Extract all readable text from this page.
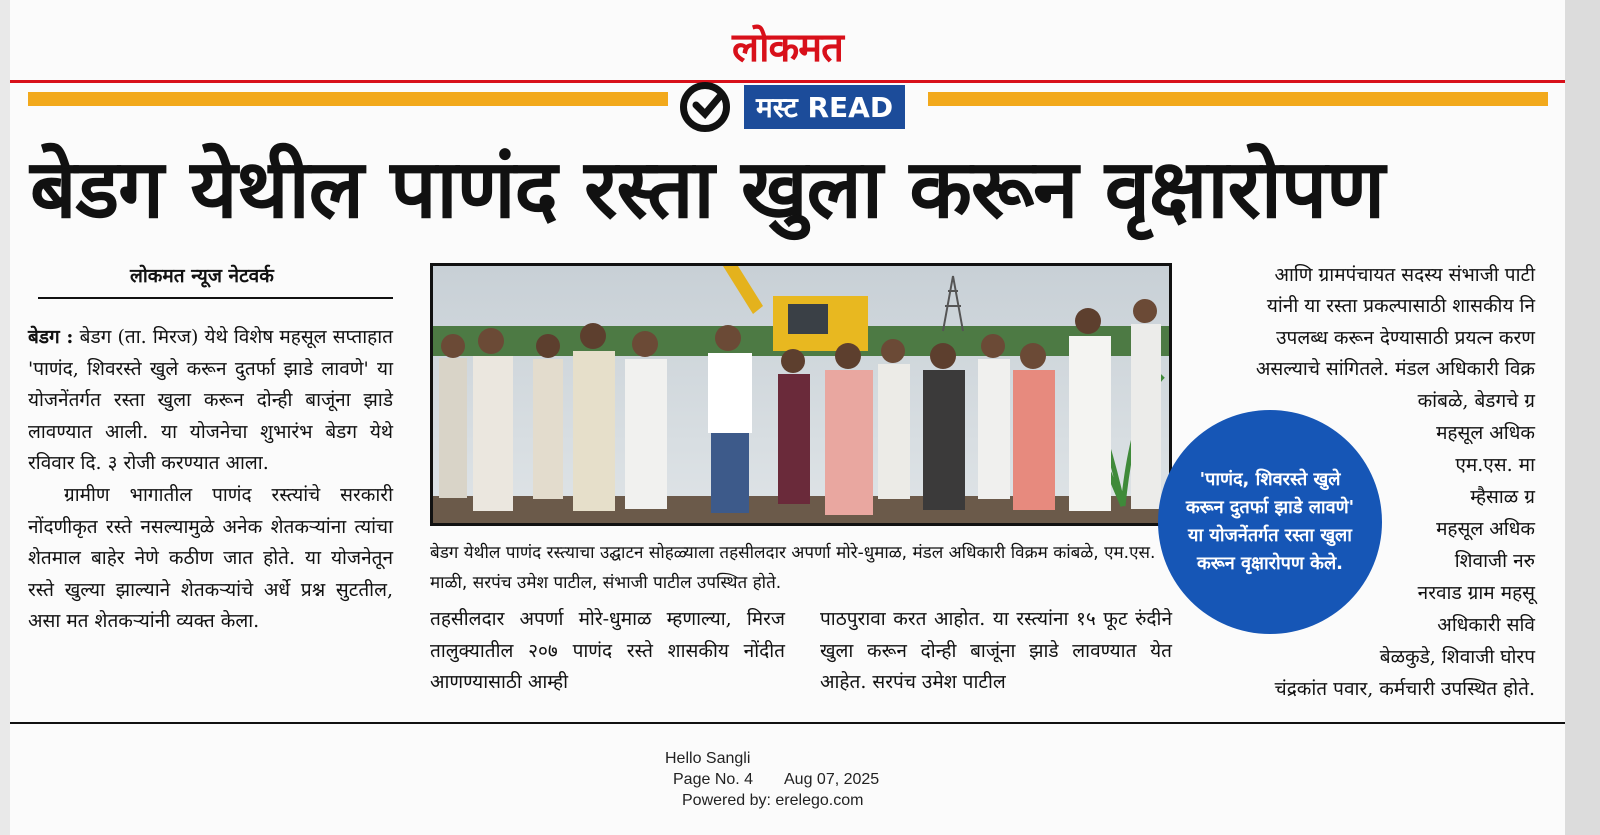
लोकमत
मस्ट READ
बेडग येथील पाणंद रस्ता खुला करून वृक्षारोपण
लोकमत न्यूज नेटवर्क
बेडग : बेडग (ता. मिरज) येथे विशेष महसूल सप्ताहात 'पाणंद, शिवरस्ते खुले करून दुतर्फा झाडे लावणे' या योजनेंतर्गत रस्ता खुला करून दोन्ही बाजूंना झाडे लावण्यात आली. या योजनेचा शुभारंभ बेडग येथे रविवार दि. ३ रोजी करण्यात आला.
ग्रामीण भागातील पाणंद रस्त्यांचे सरकारी नोंदणीकृत रस्ते नसल्यामुळे अनेक शेतकऱ्यांना त्यांचा शेतमाल बाहेर नेणे कठीण जात होते. या योजनेतून रस्ते खुल्या झाल्याने शेतकऱ्यांचे अर्धे प्रश्न सुटतील, असा मत शेतकऱ्यांनी व्यक्त केला.
बेडग येथील पाणंद रस्त्याचा उद्घाटन सोहळ्याला तहसीलदार अपर्णा मोरे-धुमाळ, मंडल अधिकारी विक्रम कांबळे, एम.एस. माळी, सरपंच उमेश पाटील, संभाजी पाटील उपस्थित होते.
तहसीलदार अपर्णा मोरे-धुमाळ म्हणाल्या, मिरज तालुक्यातील २०७ पाणंद रस्ते शासकीय नोंदीत आणण्यासाठी आम्ही
पाठपुरावा करत आहोत. या रस्त्यांना १५ फूट रुंदीने खुला करून दोन्ही बाजूंना झाडे लावण्यात येत आहेत. सरपंच उमेश पाटील
आणि ग्रामपंचायत सदस्य संभाजी पाटी
यांनी या रस्ता प्रकल्पासाठी शासकीय नि
उपलब्ध करून देण्यासाठी प्रयत्न करण
असल्याचे सांगितले. मंडल अधिकारी विक्र
कांबळे, बेडगचे ग्र
महसूल अधिक
एम.एस. मा
म्हैसाळ ग्र
महसूल अधिक
शिवाजी नरु
नरवाड ग्राम महसू
अधिकारी सवि
बेळकुडे, शिवाजी घोरप
चंद्रकांत पवार, कर्मचारी उपस्थित होते.
'पाणंद, शिवरस्ते खुले करून दुतर्फा झाडे लावणे' या योजनेंतर्गत रस्ता खुला करून वृक्षारोपण केले.
Hello Sangli
Page No. 4 Aug 07, 2025
Powered by: erelego.com
